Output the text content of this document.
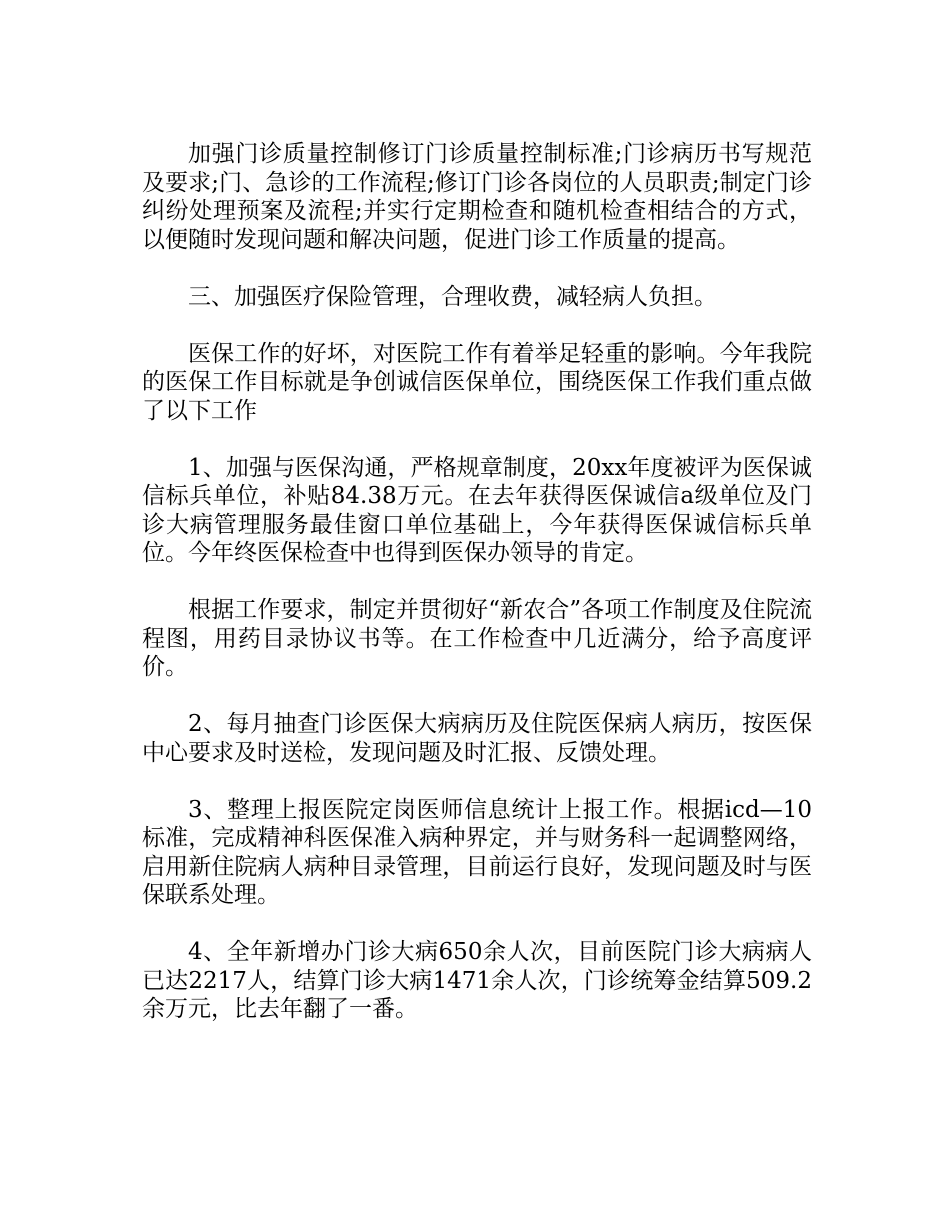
加强门诊质量控制修订门诊质量控制标准;门诊病历书写规范及要求;门、急诊的工作流程;修订门诊各岗位的人员职责;制定门诊纠纷处理预案及流程;并实行定期检查和随机检查相结合的方式，以便随时发现问题和解决问题，促进门诊工作质量的提高。

三、加强医疗保险管理，合理收费，减轻病人负担。

医保工作的好坏，对医院工作有着举足轻重的影响。今年我院的医保工作目标就是争创诚信医保单位，围绕医保工作我们重点做了以下工作

1、加强与医保沟通，严格规章制度，20xx年度被评为医保诚信标兵单位，补贴84.38万元。在去年获得医保诚信a级单位及门诊大病管理服务最佳窗口单位基础上，今年获得医保诚信标兵单位。今年终医保检查中也得到医保办领导的肯定。

根据工作要求，制定并贯彻好“新农合”各项工作制度及住院流程图，用药目录协议书等。在工作检查中几近满分，给予高度评价。

2、每月抽查门诊医保大病病历及住院医保病人病历，按医保中心要求及时送检，发现问题及时汇报、反馈处理。

3、整理上报医院定岗医师信息统计上报工作。根据icd—10标准，完成精神科医保准入病种界定，并与财务科一起调整网络，启用新住院病人病种目录管理，目前运行良好，发现问题及时与医保联系处理。

4、全年新增办门诊大病650余人次，目前医院门诊大病病人已达2217人，结算门诊大病1471余人次，门诊统筹金结算509.2余万元，比去年翻了一番。
